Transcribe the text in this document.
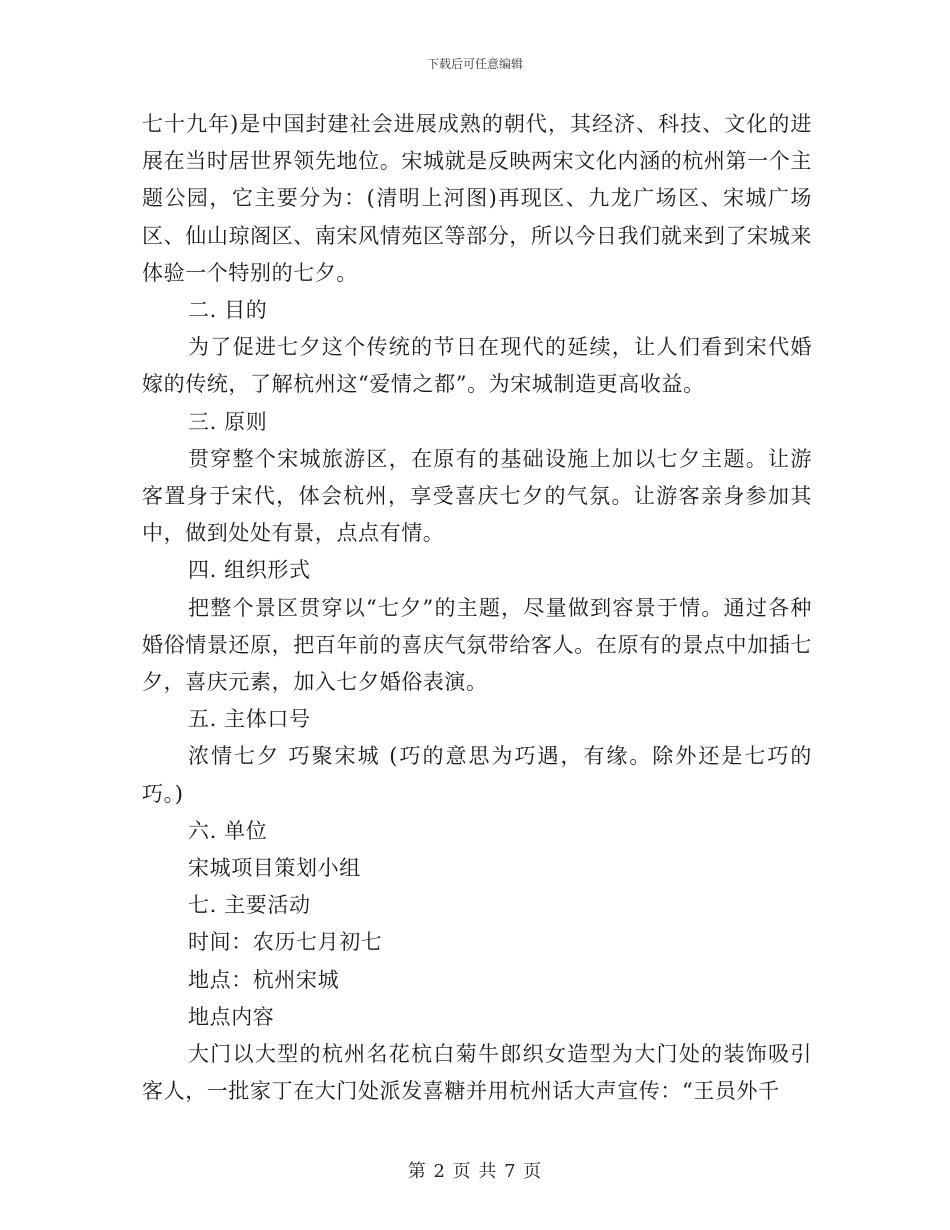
下载后可任意编辑

七十九年)是中国封建社会进展成熟的朝代，其经济、科技、文化的进展在当时居世界领先地位。宋城就是反映两宋文化内涵的杭州第一个主题公园，它主要分为：(清明上河图)再现区、九龙广场区、宋城广场区、仙山琼阁区、南宋风情苑区等部分，所以今日我们就来到了宋城来体验一个特别的七夕。

二. 目的

为了促进七夕这个传统的节日在现代的延续，让人们看到宋代婚嫁的传统，了解杭州这“爱情之都”。为宋城制造更高收益。

三. 原则

贯穿整个宋城旅游区，在原有的基础设施上加以七夕主题。让游客置身于宋代，体会杭州，享受喜庆七夕的气氛。让游客亲身参加其中，做到处处有景，点点有情。

四. 组织形式

把整个景区贯穿以“七夕”的主题，尽量做到容景于情。通过各种婚俗情景还原，把百年前的喜庆气氛带给客人。在原有的景点中加插七夕，喜庆元素，加入七夕婚俗表演。

五. 主体口号

浓情七夕 巧聚宋城 (巧的意思为巧遇，有缘。除外还是七巧的巧。)

六. 单位

宋城项目策划小组

七. 主要活动

时间：农历七月初七

地点：杭州宋城

地点内容

大门以大型的杭州名花杭白菊牛郎织女造型为大门处的装饰吸引客人，一批家丁在大门处派发喜糖并用杭州话大声宣传：“王员外千

第 2 页 共 7 页
